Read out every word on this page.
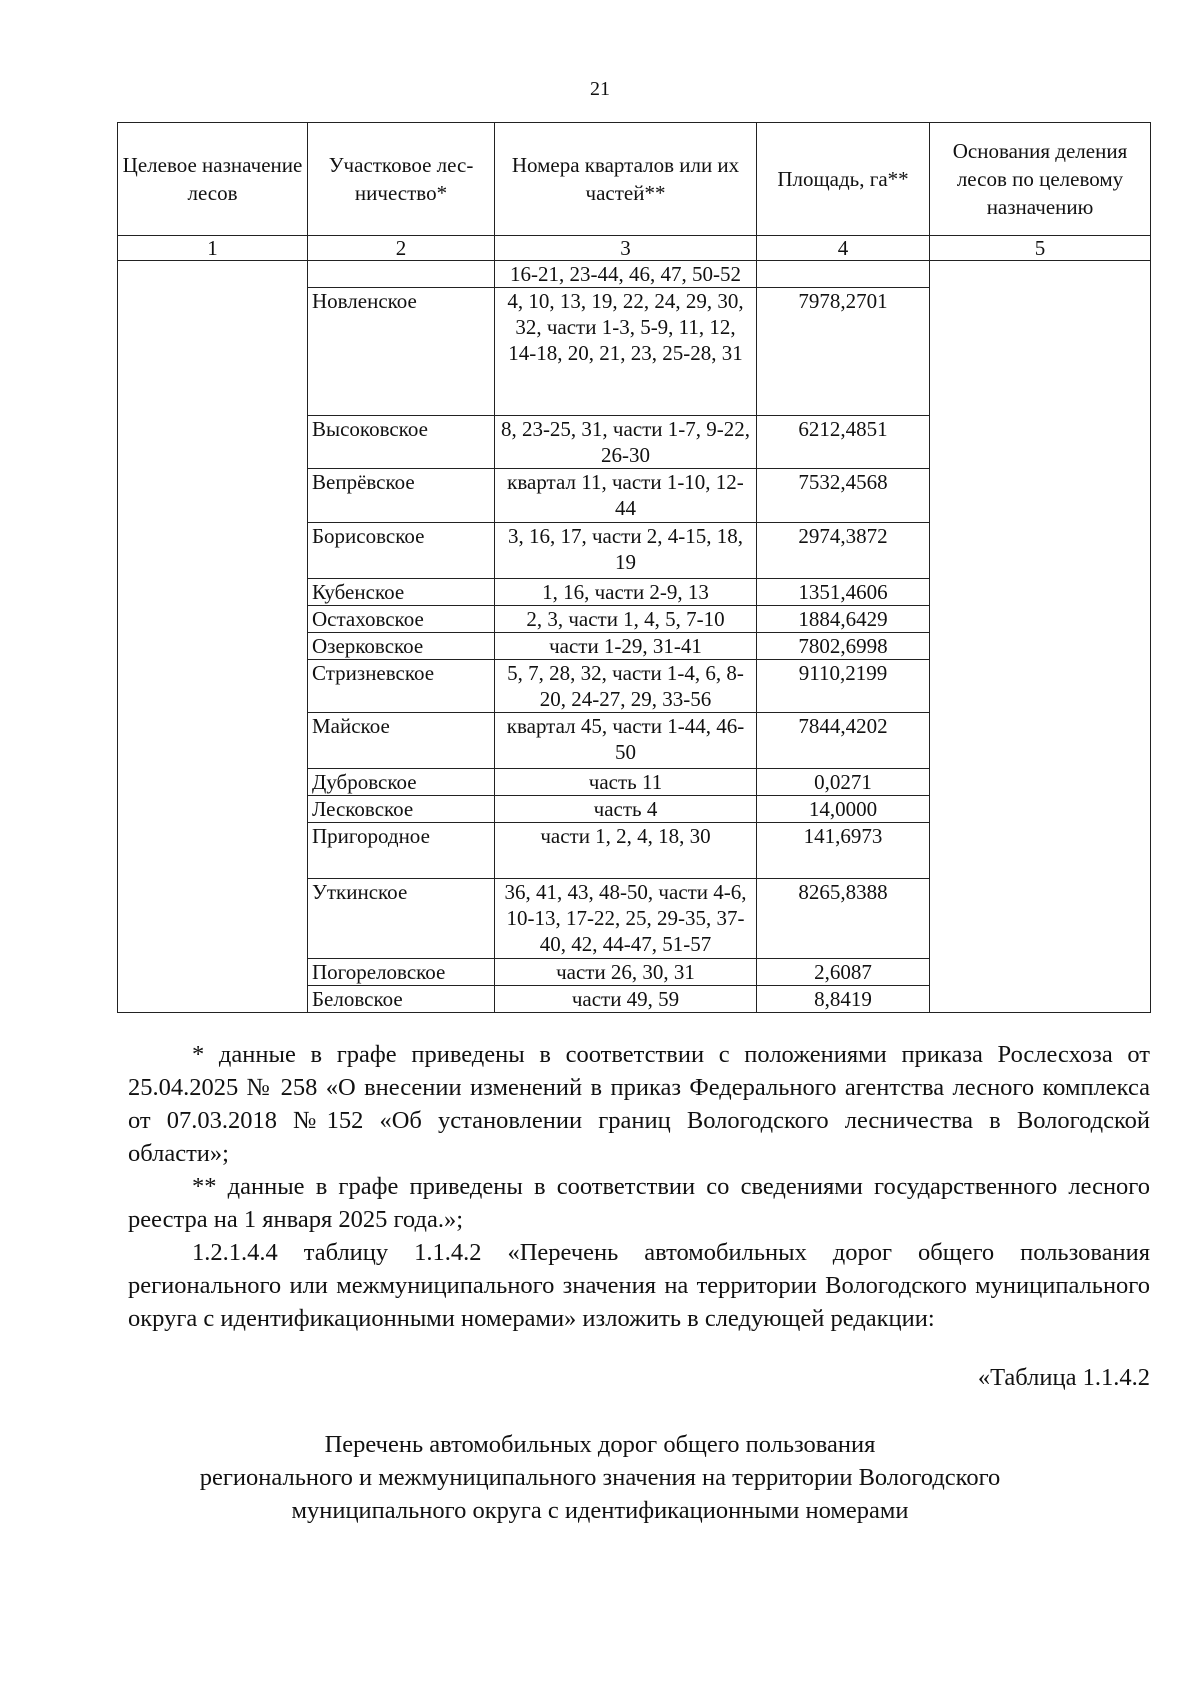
21
Целевое назначение лесов	Участковое лес-ничество*	Номера кварталов или их частей**	Площадь, га**	Основания деления лесов по целевому назначению
1	2	3	4	5
		16-21, 23-44, 46, 47, 50-52		
	Новленское	4, 10, 13, 19, 22, 24, 29, 30, 32, части 1-3, 5-9, 11, 12, 14-18, 20, 21, 23, 25-28, 31	7978,2701	
	Высоковское	8, 23-25, 31, части 1-7, 9-22, 26-30	6212,4851	
	Вепрёвское	квартал 11, части 1-10, 12-44	7532,4568	
	Борисовское	3, 16, 17, части 2, 4-15, 18, 19	2974,3872	
	Кубенское	1, 16, части 2-9, 13	1351,4606	
	Остаховское	2, 3, части 1, 4, 5, 7-10	1884,6429	
	Озерковское	части 1-29, 31-41	7802,6998	
	Стризневское	5, 7, 28, 32, части 1-4, 6, 8-20, 24-27, 29, 33-56	9110,2199	
	Майское	квартал 45, части 1-44, 46-50	7844,4202	
	Дубровское	часть 11	0,0271	
	Лесковское	часть 4	14,0000	
	Пригородное	части 1, 2, 4, 18, 30	141,6973	
	Уткинское	36, 41, 43, 48-50, части 4-6, 10-13, 17-22, 25, 29-35, 37-40, 42, 44-47, 51-57	8265,8388	
	Погореловское	части 26, 30, 31	2,6087	
	Беловское	части 49, 59	8,8419	

* данные в графе приведены в соответствии с положениями приказа Рослесхоза от 25.04.2025 № 258 «О внесении изменений в приказ Федерального агентства лесного комплекса от 07.03.2018 №152 «Об установлении границ Вологодского лесничества в Вологодской области»;

** данные в графе приведены в соответствии со сведениями государственного лесного реестра на 1 января 2025 года.»;

1.2.1.4.4 таблицу 1.1.4.2 «Перечень автомобильных дорог общего пользования регионального или межмуниципального значения на территории Вологодского муниципального округа с идентификационными номерами» изложить в следующей редакции:

«Таблица 1.1.4.2
Перечень автомобильных дорог общего пользования
регионального и межмуниципального значения на территории Вологодского
муниципального округа с идентификационными номерами
